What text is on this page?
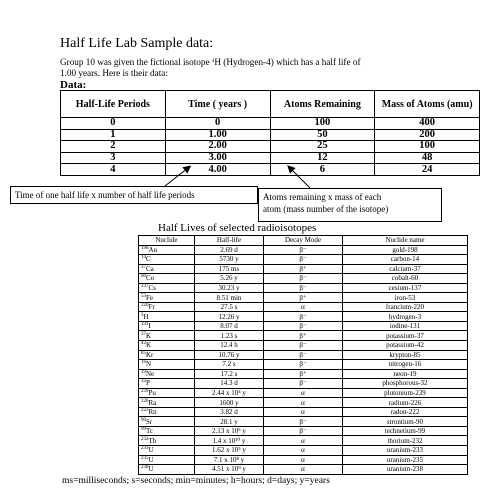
Half Life Lab Sample data:
Group 10 was given the fictional isotope $^4$H (Hydrogen-4) which has a half life of
1.00 years. Here is their data:
Data:
Half-Life Periods	Time ( years )	Atoms Remaining	Mass of Atoms (amu)
0	0	100	400
1	1.00	50	200
2	2.00	25	100
3	3.00	12	48
4	4.00	6	24
Time of one half life x number of half life periods	Atoms remaining x mass of each
atom (mass number of the isotope)
Half Lives of selected radioisotopes
Nuclide	Half-life	Decay Mode	Nuclide name
$^{198}$Au	2.69 d	β⁻	gold-198
$^{14}$C	5730 y	β⁻	carbon-14
$^{37}$Ca	175 ms	β⁺	calcium-37
$^{60}$Co	5.26 y	β⁻	cobalt-60
$^{137}$Cs	30.23 y	β⁻	cesium-137
$^{53}$Fe	8.51 min	β⁺	iron-53
$^{220}$Fr	27.5 s	α	francium-220
$^3$H	12.26 y	β⁻	hydrogen-3
$^{131}$I	8.07 d	β⁻	iodine-131
$^{37}$K	1.23 s	β⁺	potassium-37
$^{42}$K	12.4 h	β⁻	potassium-42
$^{85}$Kr	10.76 y	β⁻	krypton-85
$^{16}$N	7.2 s	β⁻	nitrogen-16
$^{19}$Ne	17.2 s	β⁺	neon-19
$^{32}$P	14.3 d	β⁻	phosphorous-32
$^{239}$Pu	2.44 x 10⁴ y	α	plutonium-239
$^{226}$Ra	1600 y	α	radium-226
$^{222}$Rn	3.82 d	α	radon-222
$^{90}$Sr	28.1 y	β⁻	strontium-90
$^{99}$Tc	2.13 x 10⁵ y	β⁻	technetium-99
$^{232}$Th	1.4 x 10¹⁰ y	α	thorium-232
$^{233}$U	1.62 x 10⁵ y	α	uranium-233
$^{235}$U	7.1 x 10⁸ y	α	uranium-235
$^{238}$U	4.51 x 10⁹ y	α	uranium-238
ms=milliseconds; s=seconds; min=minutes; h=hours; d=days; y=years
